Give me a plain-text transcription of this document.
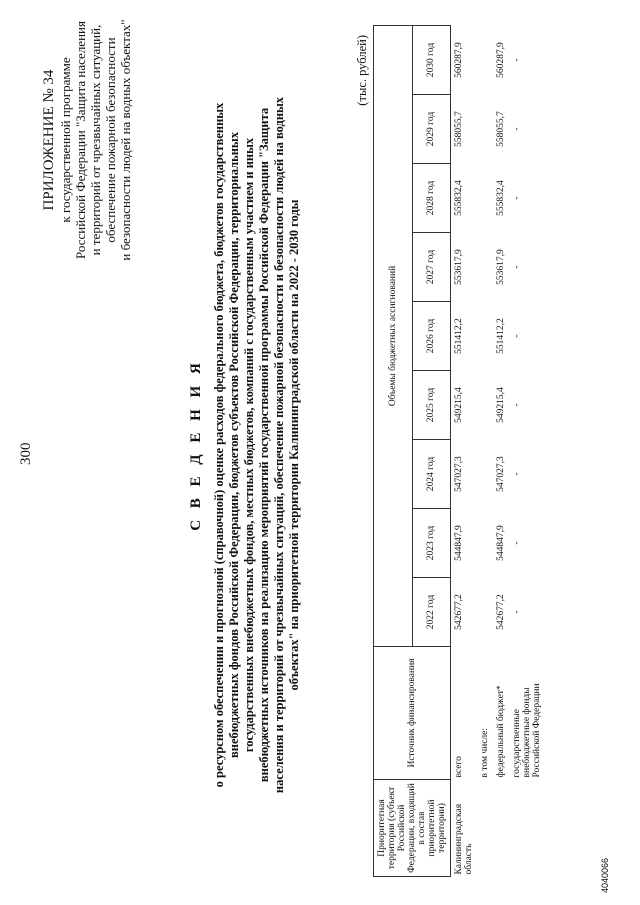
300
ПРИЛОЖЕНИЕ № 34 к государственной программе Российской Федерации "Защита населения и территорий от чрезвычайных ситуаций, обеспечение пожарной безопасности и безопасности людей на водных объектах"
С В Е Д Е Н И Я о ресурсном обеспечении и прогнозной (справочной) оценке расходов федерального бюджета, бюджетов государственных внебюджетных фондов Российской Федерации, бюджетов субъектов Российской Федерации, территориальных государственных внебюджетных фондов, местных бюджетов, компаний с государственным участием и иных внебюджетных источников на реализацию мероприятий государственной программы Российской Федерации "Защита населения и территорий от чрезвычайных ситуаций, обеспечение пожарной безопасности и безопасности людей на водных объектах" на приоритетной территории Калининградской области на 2022 - 2030 годы
(тыс. рублей)
Приоритетная территория (субъект Российской Федерации, входящий в состав приоритетной территории)	Источник финансирования	Объемы бюджетных ассигнований								
		2022 год	2023 год	2024 год	2025 год	2026 год	2027 год	2028 год	2029 год	2030 год
Калининградская область	всего	542677,2	544847,9	547027,3	549215,4	551412,2	553617,9	555832,4	558055,7	560287,9
	в том числе:									
	федеральный бюджет*	542677,2	544847,9	547027,3	549215,4	551412,2	553617,9	555832,4	558055,7	560287,9
	государственные внебюджетные фонды Российской Федерации	-	-	-	-	-	-	-	-	-
4040066
